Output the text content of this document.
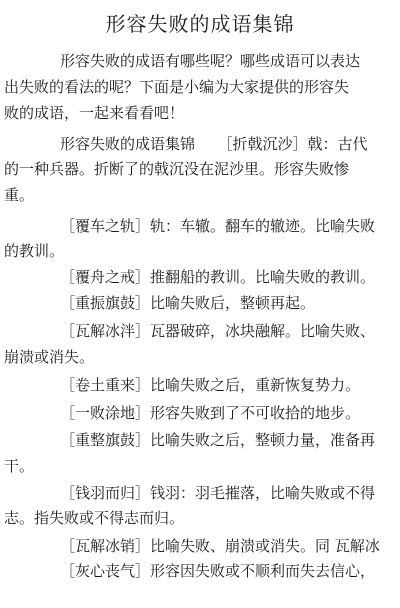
形容失败的成语集锦
形容失败的成语有哪些呢？哪些成语可以表达
出失败的看法的呢？下面是小编为大家提供的形容失
败的成语，一起来看看吧！
形容失败的成语集锦　　［折戟沉沙］戟：古代
的一种兵器。折断了的戟沉没在泥沙里。形容失败惨
重。
［覆车之轨］轨：车辙。翻车的辙迹。比喻失败
的教训。
［覆舟之戒］推翻船的教训。比喻失败的教训。
［重振旗鼓］比喻失败后，整顿再起。
［瓦解冰泮］瓦器破碎，冰块融解。比喻失败、
崩溃或消失。
［卷土重来］比喻失败之后，重新恢复势力。
［一败涂地］形容失败到了不可收拾的地步。
［重整旗鼓］比喻失败之后，整顿力量，准备再
干。
［钱羽而归］钱羽：羽毛摧落，比喻失败或不得
志。指失败或不得志而归。
［瓦解冰销］比喻失败、崩溃或消失。同 瓦解冰
［灰心丧气］形容因失败或不顺利而失去信心，
